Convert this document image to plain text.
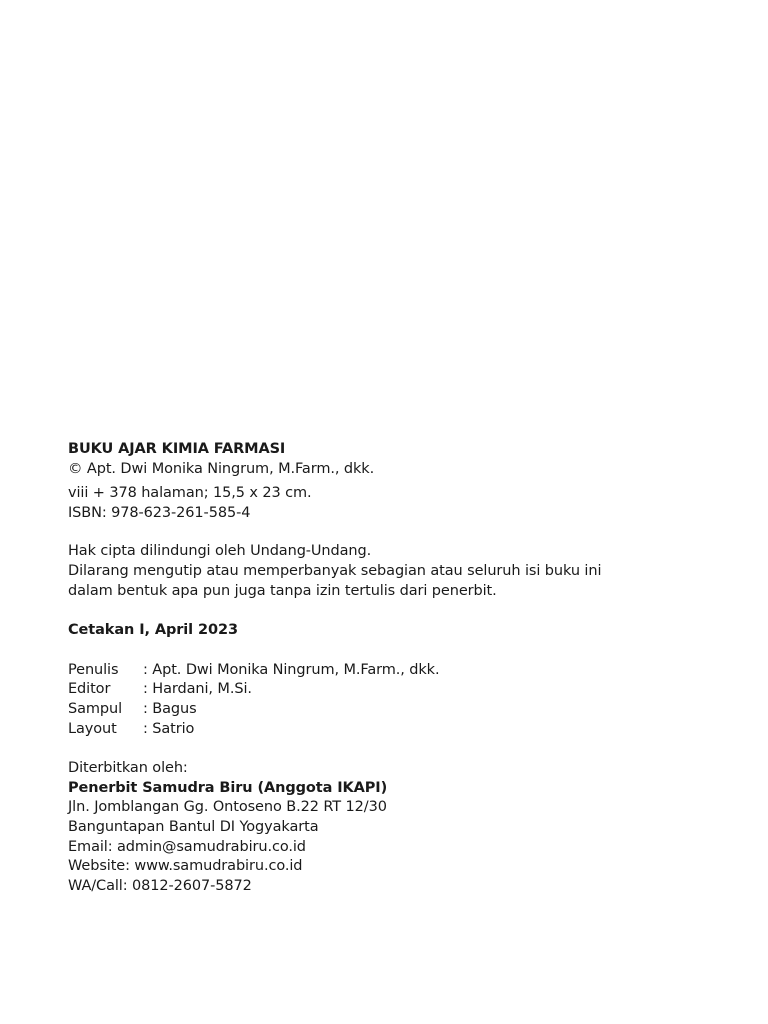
BUKU AJAR KIMIA FARMASI
© Apt. Dwi Monika Ningrum, M.Farm., dkk.
viii + 378 halaman; 15,5 x 23 cm.
ISBN: 978-623-261-585-4
Hak cipta dilindungi oleh Undang-Undang.
Dilarang mengutip atau memperbanyak sebagian atau seluruh isi buku ini
dalam bentuk apa pun juga tanpa izin tertulis dari penerbit.
Cetakan I, April 2023
Penulis	: Apt. Dwi Monika Ningrum, M.Farm., dkk.
Editor	: Hardani, M.Si.
Sampul	: Bagus
Layout	: Satrio
Diterbitkan oleh:
Penerbit Samudra Biru (Anggota IKAPI)
Jln. Jomblangan Gg. Ontoseno B.22 RT 12/30
Banguntapan Bantul DI Yogyakarta
Email: admin@samudrabiru.co.id
Website: www.samudrabiru.co.id
WA/Call: 0812-2607-5872
